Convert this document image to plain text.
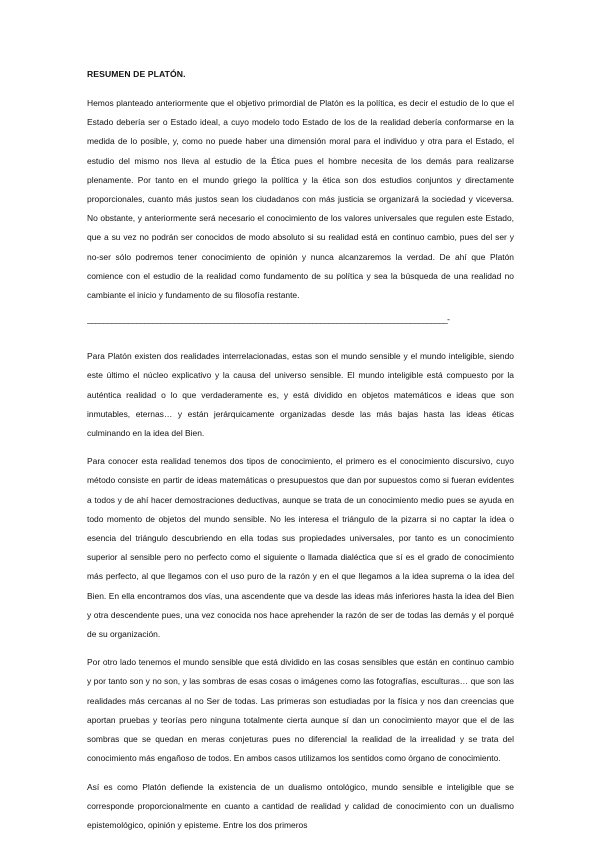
RESUMEN DE PLATÓN.

Hemos planteado anteriormente que el objetivo primordial de Platón es la política, es decir el estudio de lo que el Estado debería ser o Estado ideal, a cuyo modelo todo Estado de los de la realidad debería conformarse en la medida de lo posible, y, como no puede haber una dimensión moral para el individuo y otra para el Estado, el estudio del mismo nos lleva al estudio de la Ética pues el hombre necesita de los demás para realizarse plenamente. Por tanto en el mundo griego la política y la ética son dos estudios conjuntos y directamente proporcionales, cuanto más justos sean los ciudadanos con más justicia se organizará la sociedad y viceversa. No obstante, y anteriormente será necesario el conocimiento de los valores universales que regulen este Estado, que a su vez no podrán ser conocidos de modo absoluto si su realidad está en continuo cambio, pues del ser y no-ser sólo podremos tener conocimiento de opinión y nunca alcanzaremos la verdad. De ahí que Platón comience con el estudio de la realidad como fundamento de su política y sea la búsqueda de una realidad no cambiante el inicio y fundamento de su filosofía restante.

________________________________________________________________________________________-

Para Platón existen dos realidades interrelacionadas, estas son el mundo sensible y el mundo inteligible, siendo este último el núcleo explicativo y la causa del universo sensible. El mundo inteligible está compuesto por la auténtica realidad o lo que verdaderamente es, y está dividido en objetos matemáticos e ideas que son inmutables, eternas… y están jerárquicamente organizadas desde las más bajas hasta las ideas éticas culminando en la idea del Bien.

Para conocer esta realidad tenemos dos tipos de conocimiento, el primero es el conocimiento discursivo, cuyo método consiste en partir de ideas matemáticas o presupuestos que dan por supuestos como si fueran evidentes a todos y de ahí hacer demostraciones deductivas, aunque se trata de un conocimiento medio pues se ayuda en todo momento de objetos del mundo sensible. No les interesa el triángulo de la pizarra si no captar la idea o esencia del triángulo descubriendo en ella todas sus propiedades universales, por tanto es un conocimiento superior al sensible pero no perfecto como el siguiente o llamada dialéctica que sí es el grado de conocimiento más perfecto, al que llegamos con el uso puro de la razón y en el que llegamos a la idea suprema o la idea del Bien. En ella encontramos dos vías, una ascendente que va desde las ideas más inferiores hasta la idea del Bien y otra descendente pues, una vez conocida nos hace aprehender la razón de ser de todas las demás y el porqué de su organización.

Por otro lado tenemos el mundo sensible que está dividido en las cosas sensibles que están en continuo cambio y por tanto son y no son, y las sombras de esas cosas o imágenes como las fotografías, esculturas… que son las realidades más cercanas al no Ser de todas. Las primeras son estudiadas por la física y nos dan creencias que aportan pruebas y teorías pero ninguna totalmente cierta aunque sí dan un conocimiento mayor que el de las sombras que se quedan en meras conjeturas pues no diferencial la realidad de la irrealidad y se trata del conocimiento más engañoso de todos. En ambos casos utilizamos los sentidos como órgano de conocimiento.

Así es como Platón defiende la existencia de un dualismo ontológico, mundo sensible e inteligible que se corresponde proporcionalmente en cuanto a cantidad de realidad y calidad de conocimiento con un dualismo epistemológico, opinión y episteme. Entre los dos primeros
